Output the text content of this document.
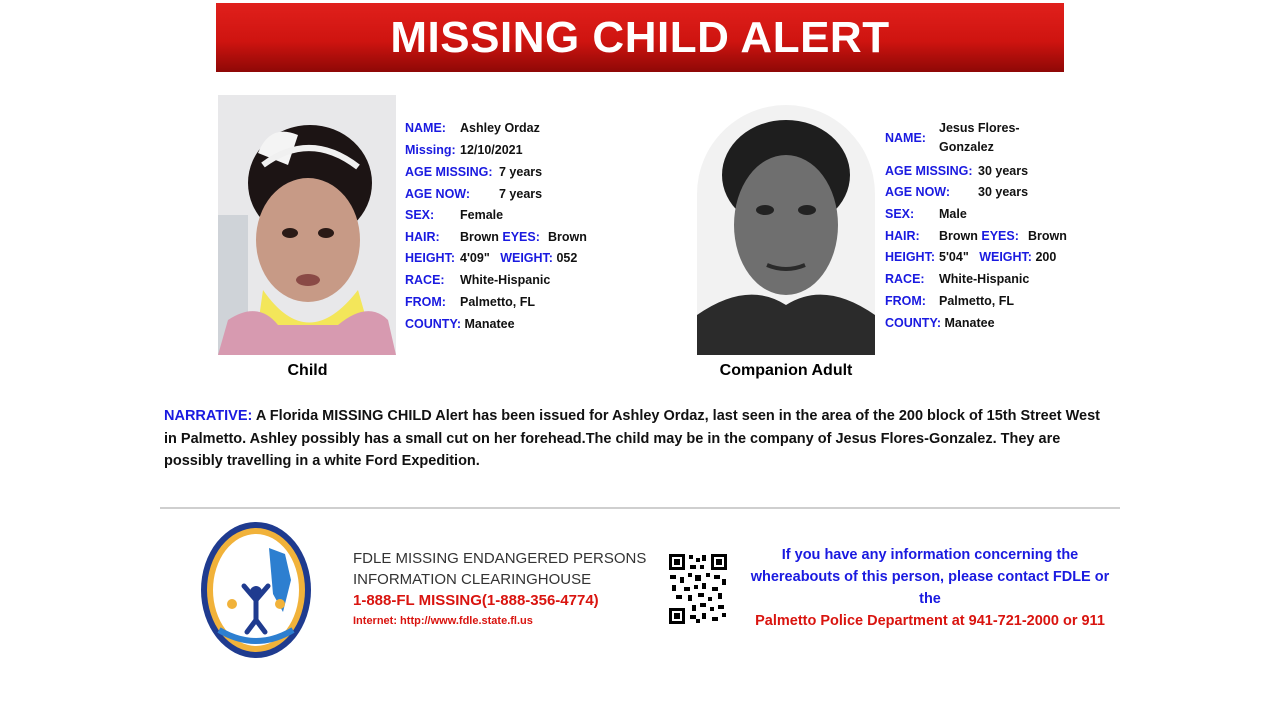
MISSING CHILD ALERT
Child
NAME: Ashley Ordaz
Missing: 12/10/2021
AGE MISSING: 7 years
AGE NOW: 7 years
SEX: Female
HAIR: Brown EYES: Brown
HEIGHT: 4'09" WEIGHT: 052
RACE: White-Hispanic
FROM: Palmetto, FL
COUNTY: Manatee
Companion Adult
NAME:
Jesus Flores-
Gonzalez
AGE MISSING: 30 years
AGE NOW: 30 years
SEX: Male
HAIR: Brown EYES: Brown
HEIGHT: 5'04" WEIGHT: 200
RACE: White-Hispanic
FROM: Palmetto, FL
COUNTY: Manatee
NARRATIVE: A Florida MISSING CHILD Alert has been issued for Ashley Ordaz, last seen in the area of the 200 block of 15th Street West in Palmetto. Ashley possibly has a small cut on her forehead.The child may be in the company of Jesus Flores-Gonzalez. They are possibly travelling in a white Ford Expedition.
FDLE MISSING ENDANGERED PERSONS
INFORMATION CLEARINGHOUSE
1-888-FL MISSING(1-888-356-4774)
Internet: http://www.fdle.state.fl.us
If you have any information concerning the
whereabouts of this person, please contact FDLE or
the
Palmetto Police Department at 941-721-2000 or 911
